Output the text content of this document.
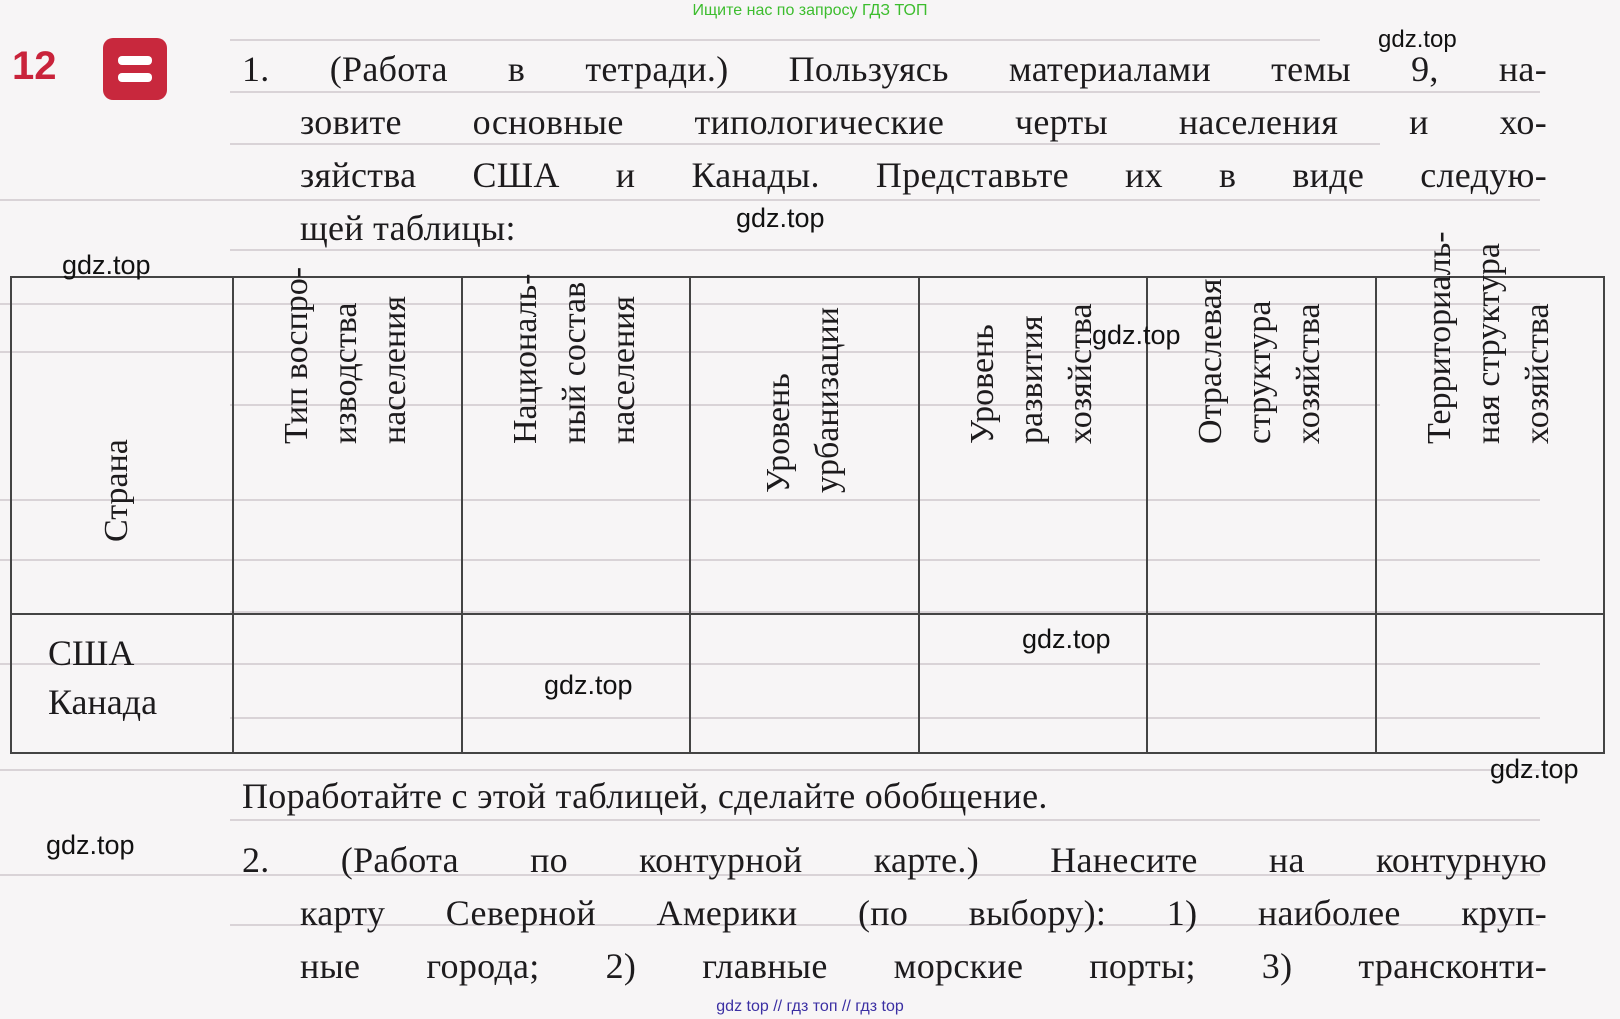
Ищите нас по запросу ГДЗ ТОП
12	1. (Работа в тетради.) Пользуясь материалами темы 9, на-
зовите основные типологические черты населения и хо-
зяйства США и Канады. Представьте их в виде следую-
щей таблицы:
Страна	Тип воспро-
изводства
населения	Националь-
ный состав
населения	Уровень
урбанизации	Уровень
развития
хозяйства	Отраслевая
структура
хозяйства	Территориаль-
ная структура
хозяйства

США
Канада						

Поработайте с этой таблицей, сделайте обобщение.
2. (Работа по контурной карте.) Нанесите на контурную
карту Северной Америки (по выбору): 1) наиболее круп-
ные города; 2) главные морские порты; 3) трансконти-
gdz.top
gdz.top
gdz.top
gdz.top
gdz.top
gdz.top
gdz.top
gdz.top
gdz top // гдз топ // гдз top
